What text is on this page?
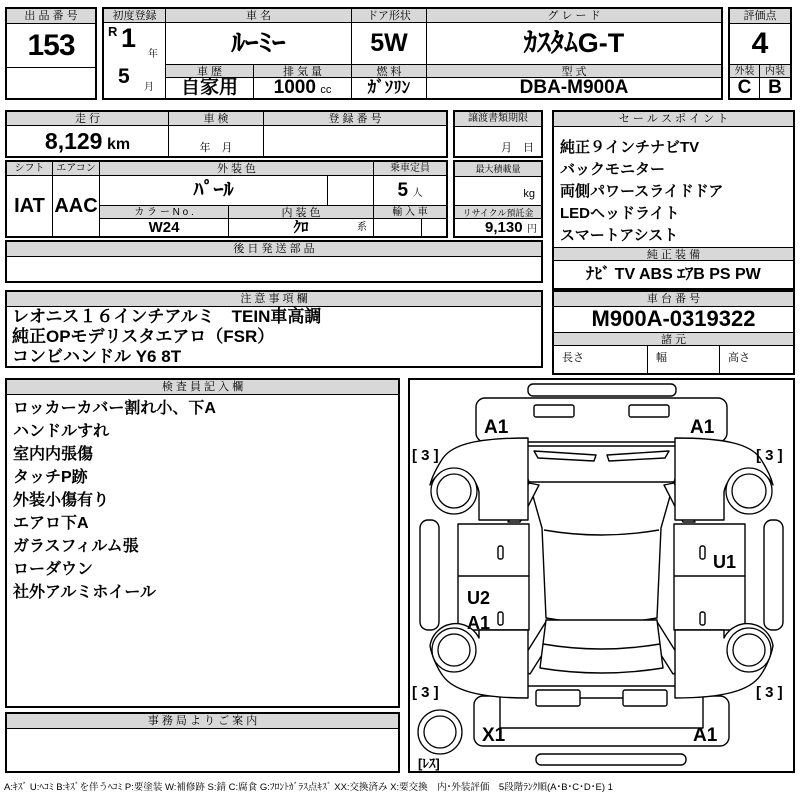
出 品 番 号
153
初度登録	車 名	ドア形状	グ レ ー ド
R 1
年
5 月
ﾙｰﾐｰ	5W	ｶｽﾀﾑG-T
車 歴	排 気 量	燃 料	型 式
自家用	1000 cc	ｶﾞｿﾘﾝ	DBA-M900A
評価点
4
外装	内装
C B
走 行	車 検	登 録 番 号
8,129 km	年　月
譲渡書類期限
月　日
シフト	エアコン
IAT AAC
外 装 色	乗車定員
ﾊﾟｰﾙ	5 人
カ ラ ー N o .	内 装 色	輸 入 車
W24	ｸﾛ	系
最大積載量
kg
リサイクル預託金
9,130 円
セ ー ル ス ポ イ ン ト
純正９インチナビTV
バックモニター
両側パワースライドドア
LEDヘッドライト
スマートアシスト
純 正 装 備
ﾅﾋﾞ TV ABS ｴｱB PS PW
後 日 発 送 部 品
注 意 事 項 欄
レオニス１６インチアルミ　TEIN車高調
純正OPモデリスタエアロ（FSR）
コンビハンドル Y6 8T
車 台 番 号
M900A-0319322
諸 元
長さ	幅	高さ
検 査 員 記 入 欄
ロッカーカバー割れ小、下A
ハンドルすれ
室内内張傷
タッチP跡
外装小傷有り
エアロ下A
ガラスフィルム張
ローダウン
社外アルミホイール
事 務 局 よ り ご 案 内
A1	A1
[ 3 ]	[ 3 ]
U1
U2
A1
[ 3 ]	[ 3 ]
X1	A1
[ﾚｽ]
A:ｷｽﾞ U:ﾍｺﾐ B:ｷｽﾞを伴うﾍｺﾐ P:要塗装 W:補修跡 S:錆 C:腐食 G:ﾌﾛﾝﾄｶﾞﾗｽ点ｷｽﾞ XX:交換済み X:要交換　内･外装評価　5段階ﾗﾝｸ順(A･B･C･D･E) 1
